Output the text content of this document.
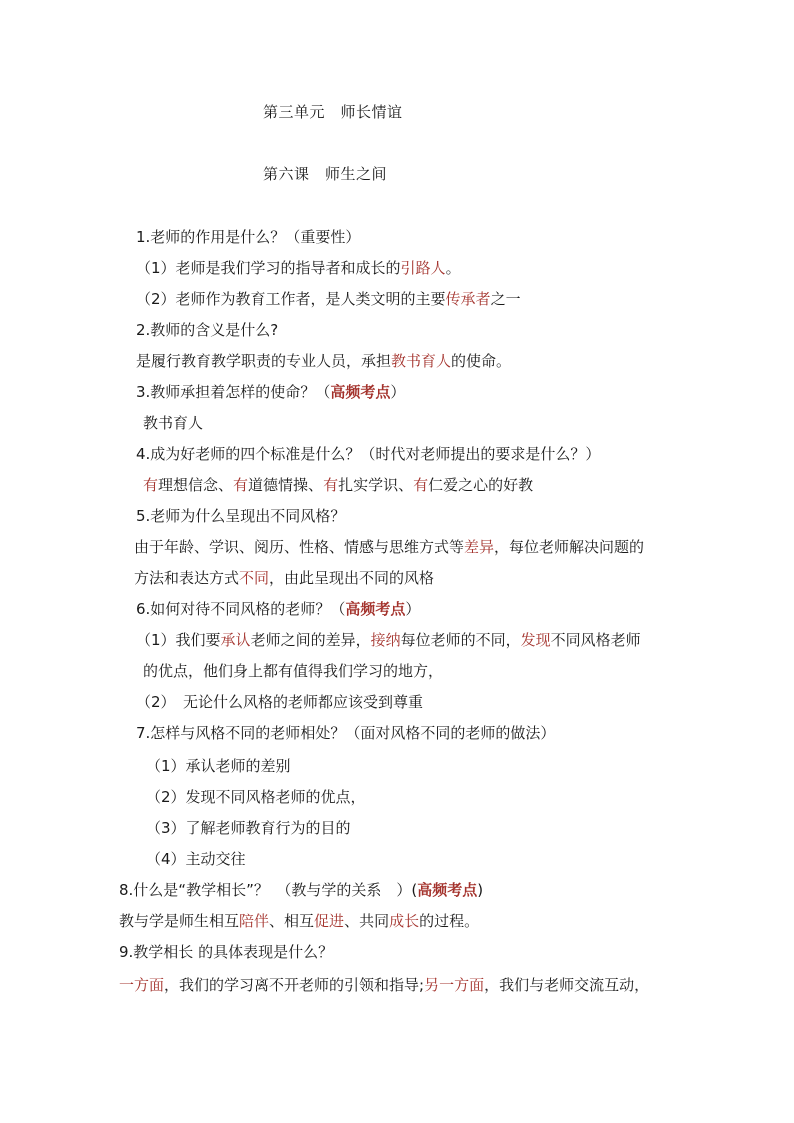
第三单元　师长情谊
第六课　师生之间
1.老师的作用是什么？（重要性）
（1）老师是我们学习的指导者和成长的引路人。
（2）老师作为教育工作者，是人类文明的主要传承者之一
2.教师的含义是什么?
是履行教育教学职责的专业人员，承担教书育人的使命。
3.教师承担着怎样的使命？（高频考点）
教书育人
4.成为好老师的四个标准是什么？（时代对老师提出的要求是什么？）
有理想信念、有道德情操、有扎实学识、有仁爱之心的好教
5.老师为什么呈现出不同风格？
由于年龄、学识、阅历、性格、情感与思维方式等差异，每位老师解决问题的
方法和表达方式不同，由此呈现出不同的风格
6.如何对待不同风格的老师？（高频考点）
（1）我们要承认老师之间的差异，接纳每位老师的不同，发现不同风格老师
的优点，他们身上都有值得我们学习的地方，
（2）　无论什么风格的老师都应该受到尊重
7.怎样与风格不同的老师相处？（面对风格不同的老师的做法）
（1）承认老师的差别
（2）发现不同风格老师的优点，
（3）了解老师教育行为的目的
（4）主动交往
8.什么是“教学相长”？　（教与学的关系　）(高频考点)
教与学是师生相互陪伴、相互促进、共同成长的过程。
9.教学相长 的具体表现是什么？
一方面，我们的学习离不开老师的引领和指导;另一方面，我们与老师交流互动，
